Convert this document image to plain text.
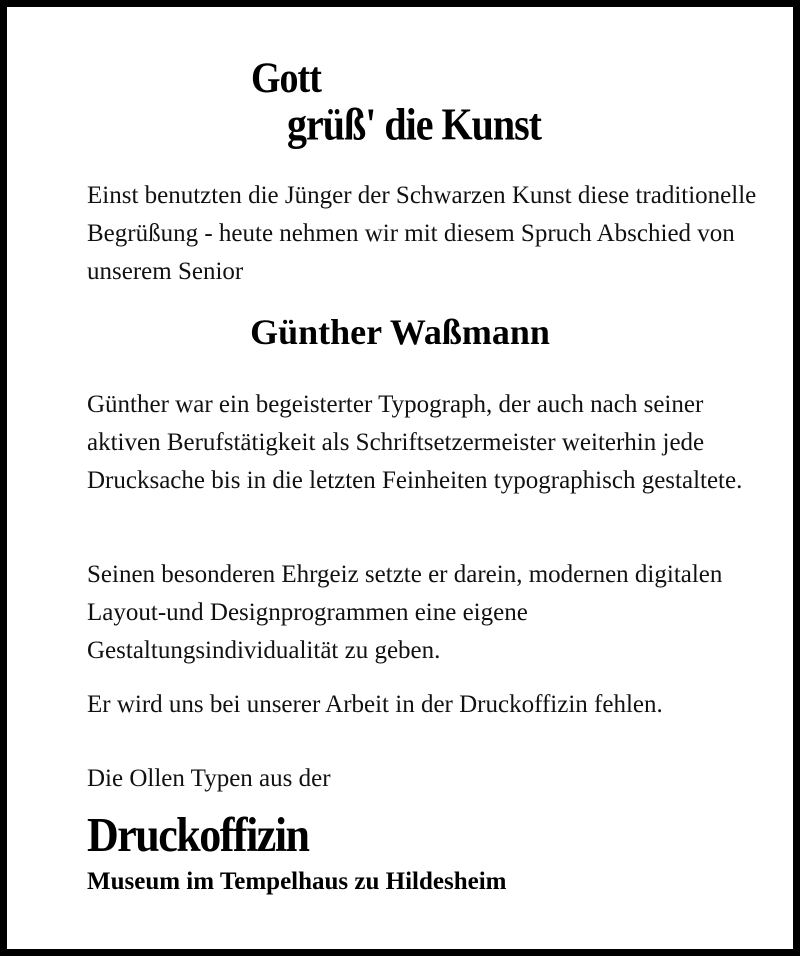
Gott
grüß' die Kunst

Einst benutzten die Jünger der Schwarzen Kunst diese traditionelle Begrüßung - heute nehmen wir mit diesem Spruch Abschied von unserem Senior

Günther Waßmann

Günther war ein begeisterter Typograph, der auch nach seiner aktiven Berufstätigkeit als Schriftsetzermeister weiterhin jede Drucksache bis in die letzten Feinheiten typographisch gestaltete.

Seinen besonderen Ehrgeiz setzte er darein, modernen digitalen Layout-und Designprogrammen eine eigene Gestaltungsindividualität zu geben.

Er wird uns bei unserer Arbeit in der Druckoffizin fehlen.

Die Ollen Typen aus der

Druckoffizin

Museum im Tempelhaus zu Hildesheim
